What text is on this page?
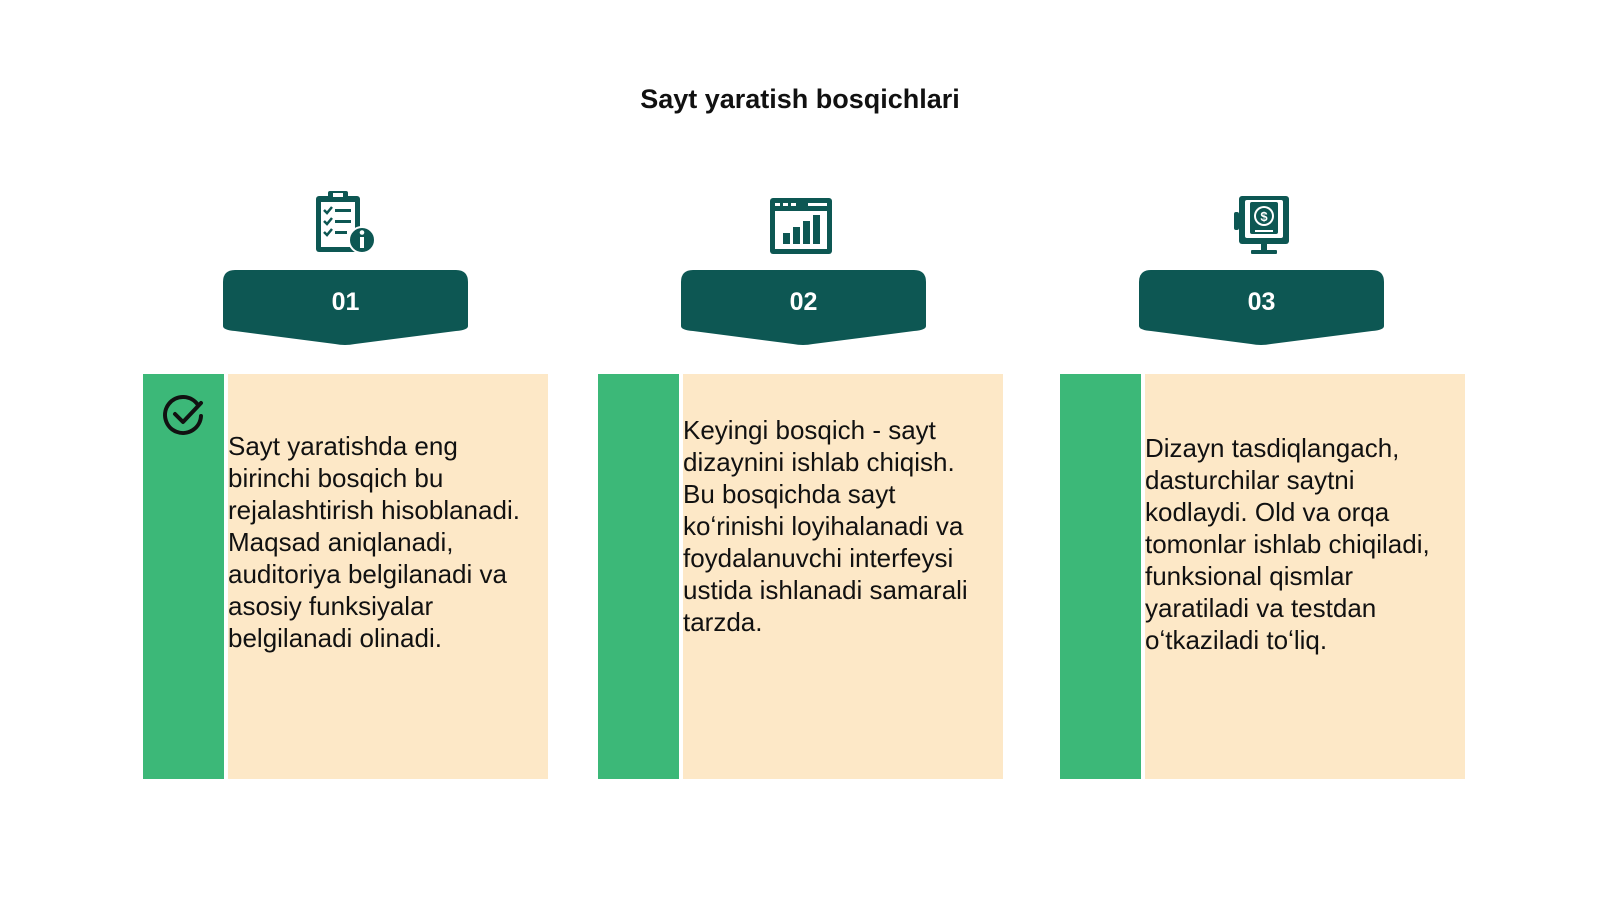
Sayt yaratish bosqichlari
01

Sayt yaratishda eng birinchi bosqich bu rejalashtirish hisoblanadi. Maqsad aniqlanadi, auditoriya belgilanadi va asosiy funksiyalar belgilanadi olinadi.

02

Keyingi bosqich - sayt dizaynini ishlab chiqish. Bu bosqichda sayt koʻrinishi loyihalanadi va foydalanuvchi interfeysi ustida ishlanadi samarali tarzda.

$
03

Dizayn tasdiqlangach, dasturchilar saytni kodlaydi. Old va orqa tomonlar ishlab chiqiladi, funksional qismlar yaratiladi va testdan oʻtkaziladi toʻliq.
